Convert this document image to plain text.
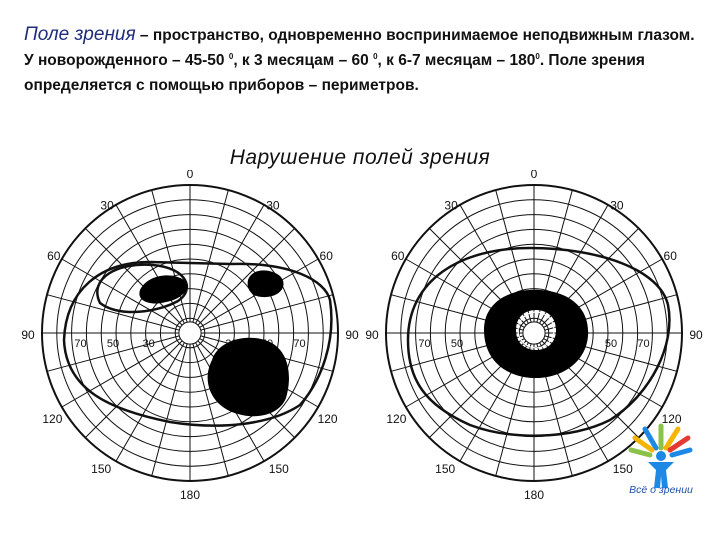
Поле зрения – пространство, одновременно воспринимаемое неподвижным глазом. У новорожденного – 45-50 $^0$, к 3 месяцам – 60 $^0$, к 6-7 месяцам – $180^0$. Поле зрения определяется с помощью приборов – периметров.
Нарушение полей зрения
0
30	30
60	60
90	90
120	120
150	150
180
70 50 30	70
0
30	30
60	60
90	90
120	120
150	150
180
70 50	50 70
Всё о зрении
